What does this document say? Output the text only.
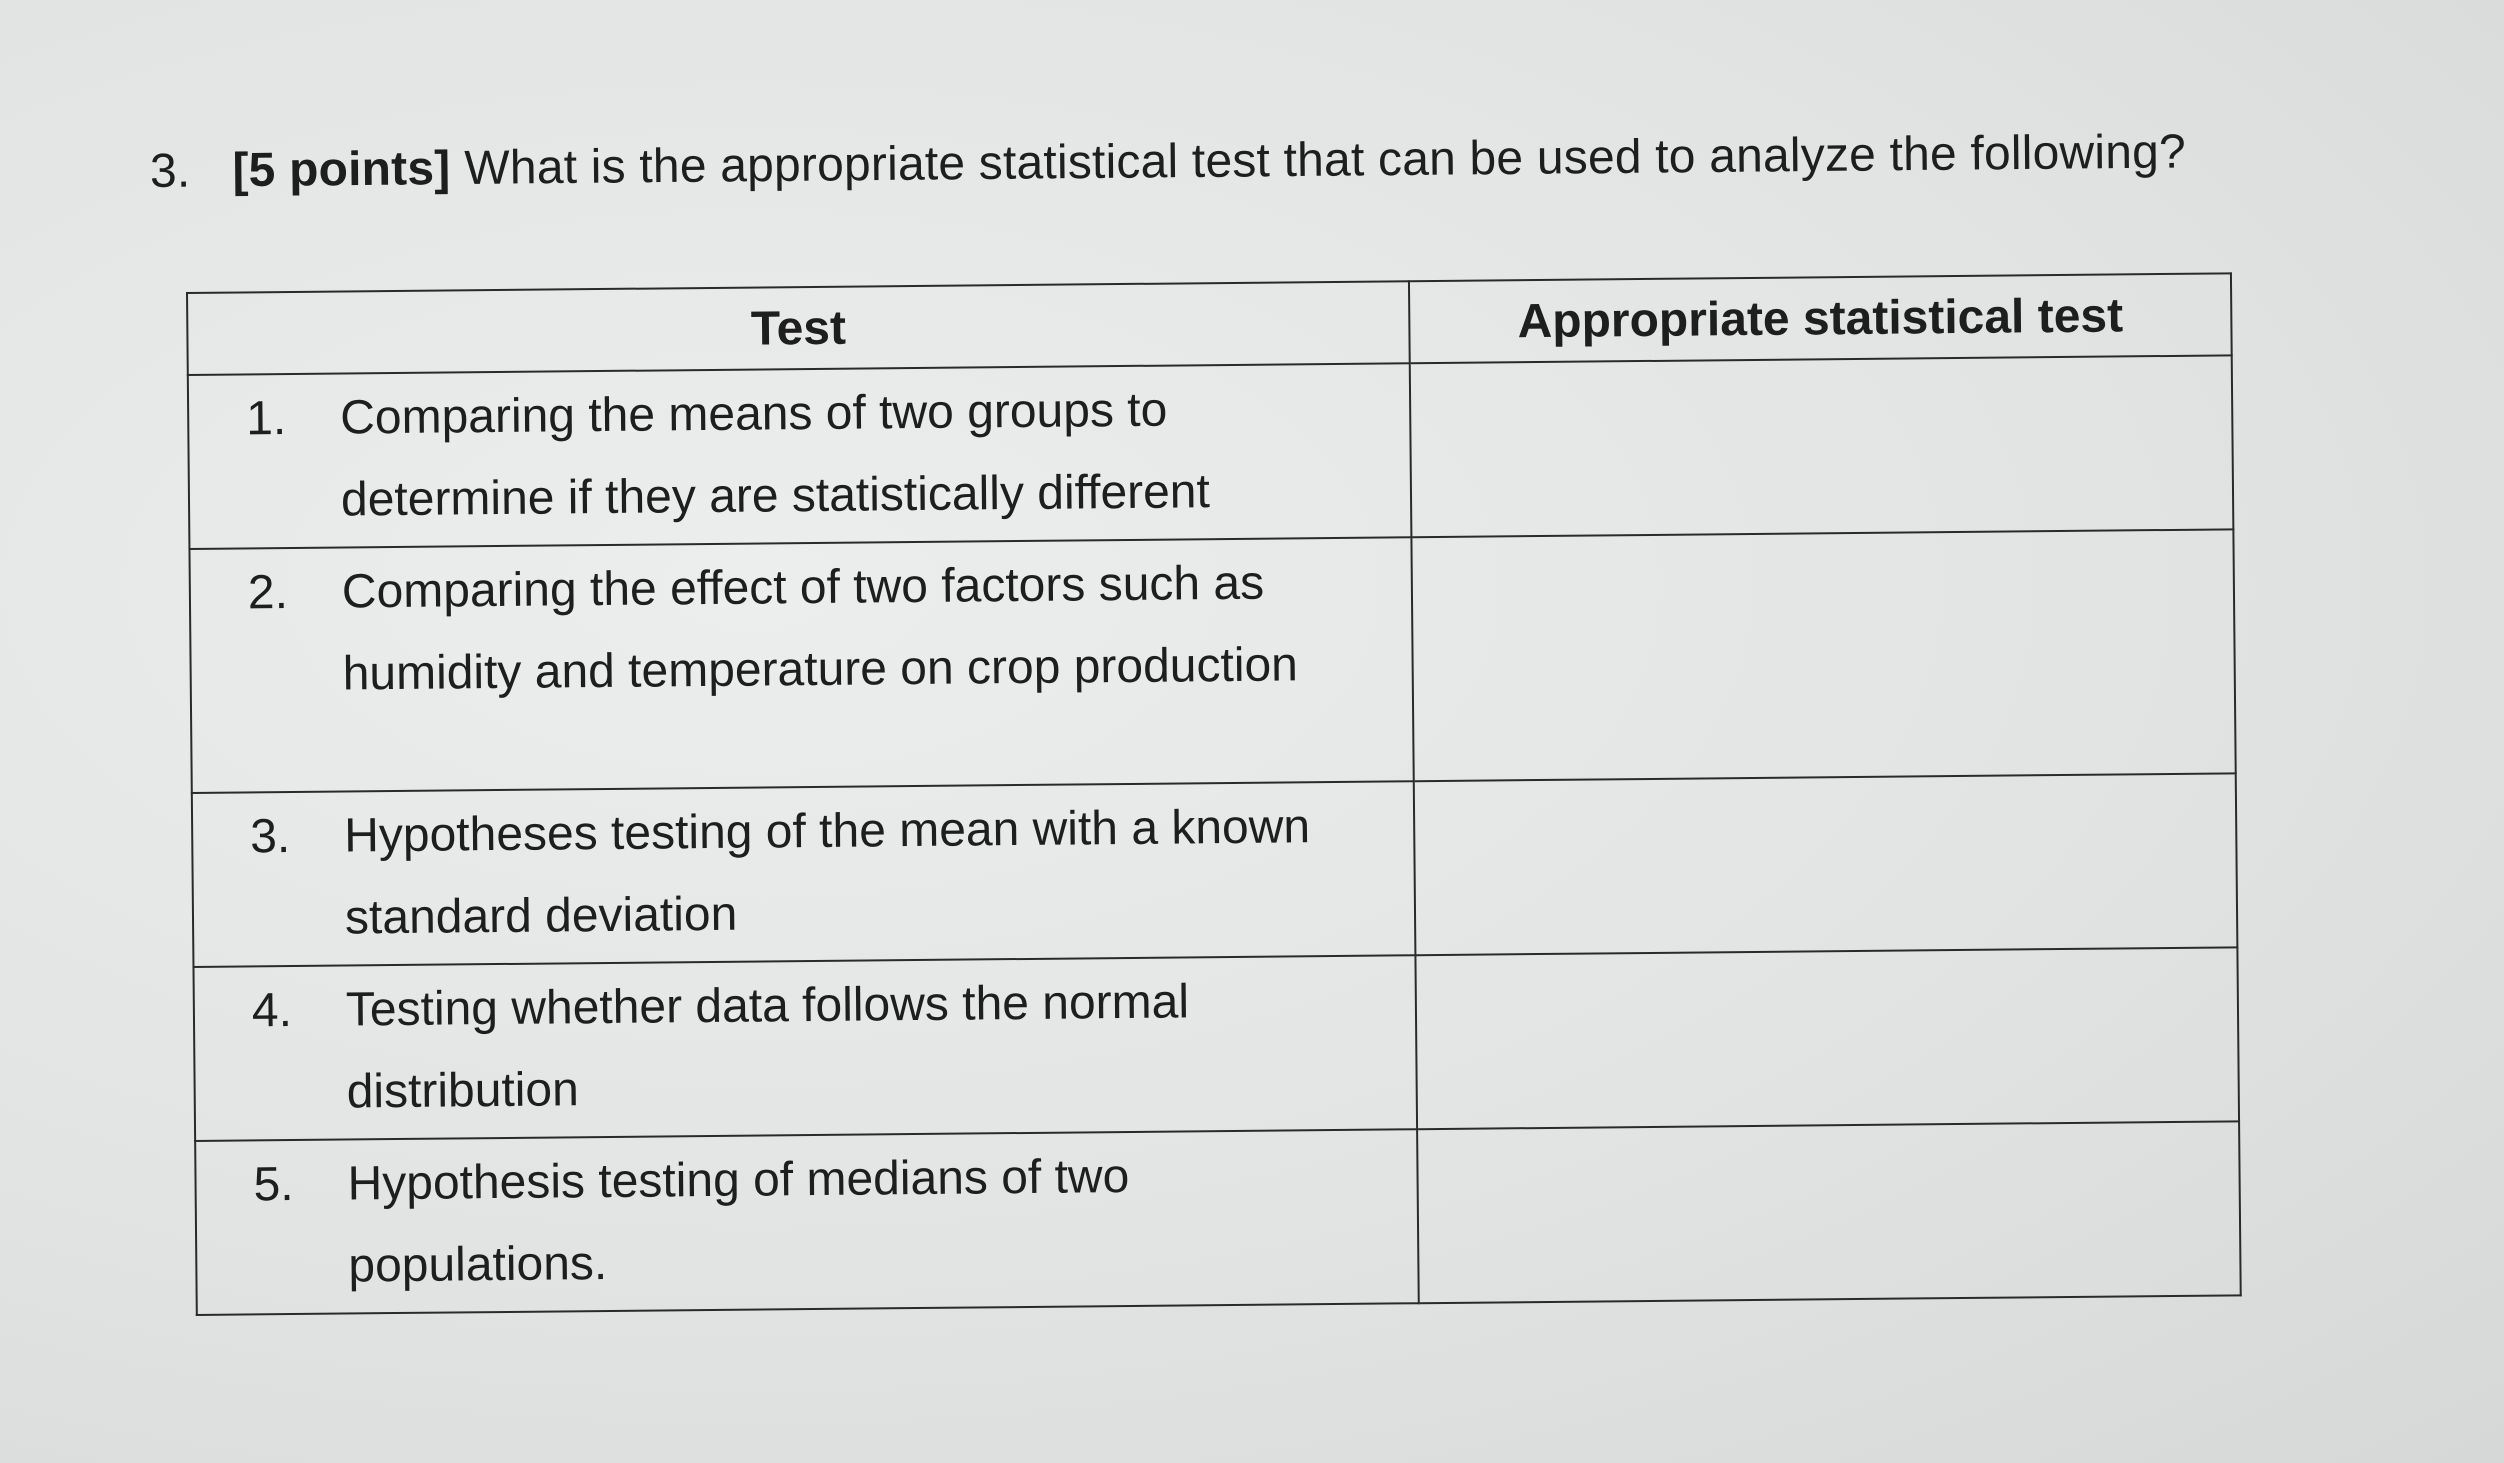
3. [5 points] What is the appropriate statistical test that can be used to analyze the following?
Test	Appropriate statistical test

1. Comparing the means of two groups to determine if they are statistically different	

2. Comparing the effect of two factors such as humidity and temperature on crop production	

3. Hypotheses testing of the mean with a known standard deviation	

4. Testing whether data follows the normal distribution	

5. Hypothesis testing of medians of two populations.	
